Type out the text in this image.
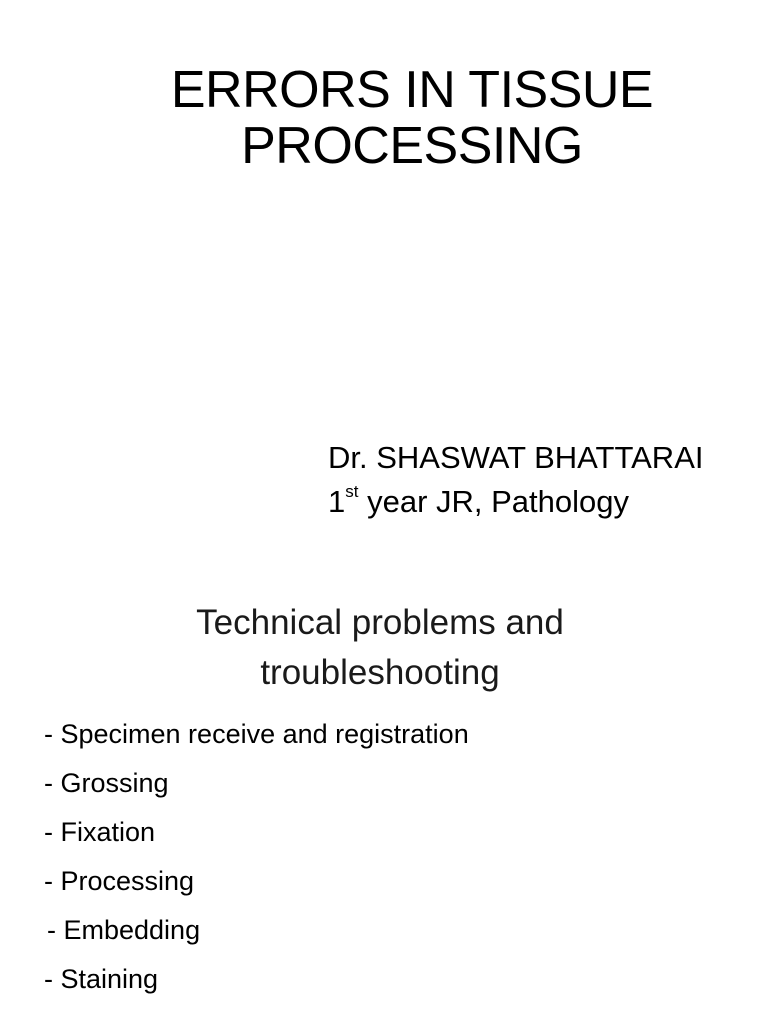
ERRORS IN TISSUE
PROCESSING
Dr. SHASWAT BHATTARAI
1st year JR, Pathology
Technical problems and
troubleshooting
- Specimen receive and registration
- Grossing
- Fixation
- Processing
- Embedding
- Staining
